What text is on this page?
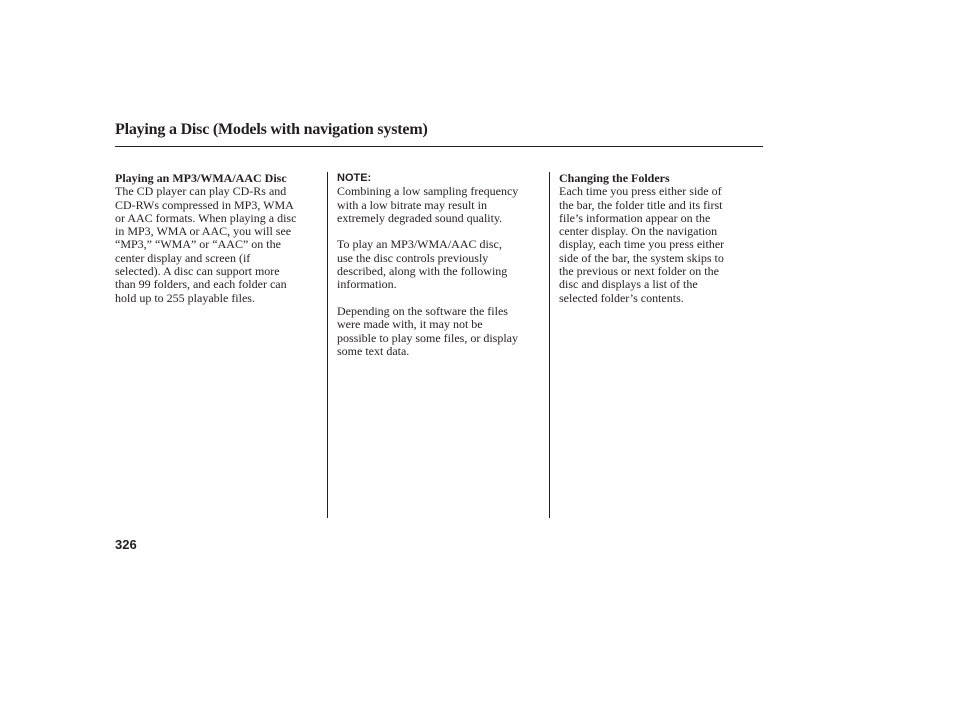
Playing a Disc (Models with navigation system)
Playing an MP3/WMA/AAC Disc

The CD player can play CD-Rs and

CD-RWs compressed in MP3, WMA

or AAC formats. When playing a disc

in MP3, WMA or AAC, you will see

“MP3,” “WMA” or “AAC” on the

center display and screen (if

selected). A disc can support more

than 99 folders, and each folder can

hold up to 255 playable files.

NOTE:

Combining a low sampling frequency

with a low bitrate may result in

extremely degraded sound quality.

To play an MP3/WMA/AAC disc,

use the disc controls previously

described, along with the following

information.

Depending on the software the files

were made with, it may not be

possible to play some files, or display

some text data.

Changing the Folders

Each time you press either side of

the bar, the folder title and its first

file’s information appear on the

center display. On the navigation

display, each time you press either

side of the bar, the system skips to

the previous or next folder on the

disc and displays a list of the

selected folder’s contents.

326
